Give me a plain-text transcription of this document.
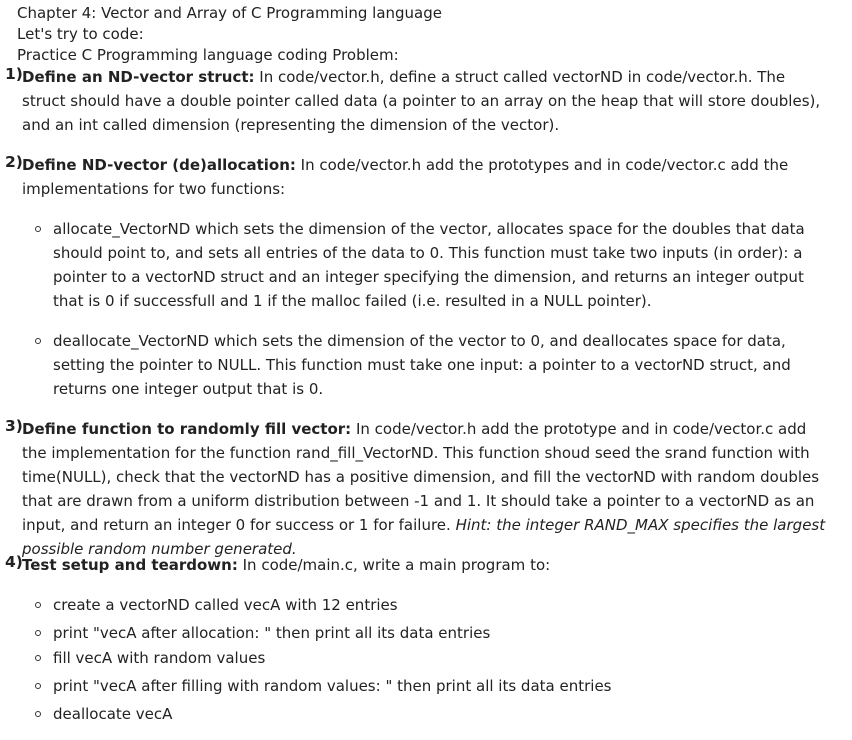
Chapter 4: Vector and Array of C Programming language
Let's try to code:
Practice C Programming language coding Problem:
1) Define an ND-vector struct: In code/vector.h, define a struct called vectorND in code/vector.h. The struct should have a double pointer called data (a pointer to an array on the heap that will store doubles), and an int called dimension (representing the dimension of the vector).
2) Define ND-vector (de)allocation: In code/vector.h add the prototypes and in code/vector.c add the implementations for two functions:
allocate_VectorND which sets the dimension of the vector, allocates space for the doubles that data should point to, and sets all entries of the data to 0. This function must take two inputs (in order): a pointer to a vectorND struct and an integer specifying the dimension, and returns an integer output that is 0 if successfull and 1 if the malloc failed (i.e. resulted in a NULL pointer).
deallocate_VectorND which sets the dimension of the vector to 0, and deallocates space for data, setting the pointer to NULL. This function must take one input: a pointer to a vectorND struct, and returns one integer output that is 0.
3) Define function to randomly fill vector: In code/vector.h add the prototype and in code/vector.c add the implementation for the function rand_fill_VectorND. This function shoud seed the srand function with time(NULL), check that the vectorND has a positive dimension, and fill the vectorND with random doubles that are drawn from a uniform distribution between -1 and 1. It should take a pointer to a vectorND as an input, and return an integer 0 for success or 1 for failure. Hint: the integer RAND_MAX specifies the largest possible random number generated.
4) Test setup and teardown: In code/main.c, write a main program to:
create a vectorND called vecA with 12 entries
print "vecA after allocation: " then print all its data entries
fill vecA with random values
print "vecA after filling with random values: " then print all its data entries
deallocate vecA
